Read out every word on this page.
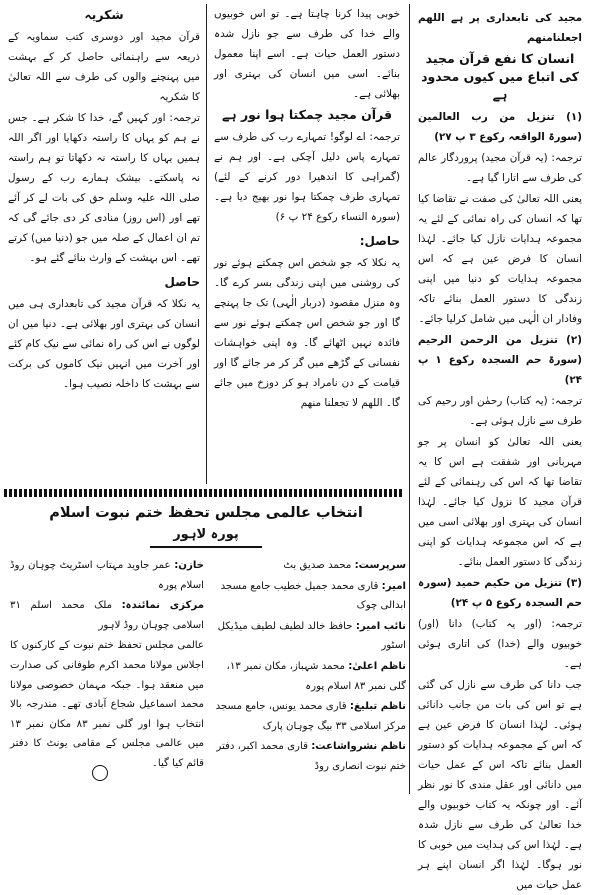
مجید کی تابعداری پر ہے اللهم اجعلنامنهم

انسان کا نفع قرآن مجید کی اتباع میں کیوں محدود ہے

(۱) تنزیل من رب العالمین (سورۃ الواقعہ رکوع ۳ پ ۲۷)

ترجمہ: (یہ قرآن مجید) پروردگار عالم کی طرف سے اتارا گیا ہے۔

یعنی اللہ تعالیٰ کی صفت نے تقاضا کیا تھا کہ انسان کی راہ نمائی کے لئے یہ مجموعہ ہدایات نازل کیا جائے۔ لہٰذا انسان کا فرض عین ہے کہ اس مجموعہ ہدایات کو دنیا میں اپنی زندگی کا دستور العمل بنائے تاکہ وفادار ان الٰہی میں شامل کرلیا جائے۔

(۲) تنزیل من الرحمن الرحیم (سورۃ حم السجدہ رکوع ۱ پ ۲۴)

ترجمہ: (یہ کتاب) رحمٰن اور رحیم کی طرف سے نازل ہوئی ہے۔

یعنی اللہ تعالیٰ کو انسان پر جو مہربانی اور شفقت ہے اس کا یہ تقاضا تھا کہ اس کی رہنمائی کے لئے قرآن مجید کا نزول کیا جائے۔ لہٰذا انسان کی بہتری اور بھلائی اسی میں ہے کہ اس مجموعہ ہدایات کو اپنی زندگی کا دستور العمل بنائے۔

(۳) تنزیل من حکیم حمید (سورہ حم السجدہ رکوع ۵ پ ۲۴)

ترجمہ: (اور یہ کتاب) دانا (اور) خوبیوں والے (خدا) کی اتاری ہوئی ہے۔

جب دانا کی طرف سے نازل کی گئی ہے تو اس کی بات من جانب دانائی ہوئی۔ لہٰذا انسان کا فرض عین ہے کہ اس کے مجموعہ ہدایات کو دستور العمل بنائے تاکہ اس کے عمل حیات میں دانائی اور عقل مندی کا نور نظر آئے۔ اور چونکہ یہ کتاب خوبیوں والے خدا تعالیٰ کی طرف سے نازل شدہ ہے۔ لہٰذا اس کی ہدایت میں خوبی کا نور ہوگا۔ لہٰذا اگر انسان اپنے ہر عمل حیات میں

خوبی پیدا کرنا چاہتا ہے۔ تو اس خوبیوں والے خدا کی طرف سے جو نازل شدہ دستور العمل حیات ہے۔ اسے اپنا معمول بنائے۔ اسی میں انسان کی بہتری اور بھلائی ہے۔

قرآن مجید چمکتا ہوا نور ہے

ترجمہ: اے لوگو! تمہارے رب کی طرف سے تمہارے پاس دلیل آچکی ہے۔ اور ہم نے (گمراہی کا اندھیرا دور کرنے کے لئے) تمہاری طرف چمکتا ہوا نور بھیج دیا ہے۔ (سورہ النساء رکوع ۲۴ پ ۶)

حاصل:

یہ نکلا کہ جو شخص اس چمکتے ہوئے نور کی روشنی میں اپنی زندگی بسر کرے گا۔ وہ منزل مقصود (دربار الٰہی) تک جا پہنچے گا اور جو شخص اس چمکتے ہوئے نور سے فائدہ نہیں اٹھائے گا۔ وہ اپنی خواہشات نفسانی کے گڑھے میں گر کر مر جائے گا اور قیامت کے دن نامراد ہو کر دوزخ میں جائے گا۔ اللهم لا تجعلنا منهم

شکریہ

قرآن مجید اور دوسری کتب سماویہ کے ذریعہ سے راہنمائی حاصل کر کے بہشت میں پہنچنے والوں کی طرف سے اللہ تعالیٰ کا شکریہ

ترجمہ: اور کہیں گے، خدا کا شکر ہے۔ جس نے ہم کو یہاں کا راستہ دکھایا اور اگر اللہ ہمیں یہاں کا راستہ نہ دکھاتا تو ہم راستہ نہ پاسکتے۔ بیشک ہمارے رب کے رسول صلی اللہ علیہ وسلم حق کی بات لے کر آئے تھے اور (اس روز) منادی کر دی جائے گی کہ تم ان اعمال کے صلہ میں جو (دنیا میں) کرتے تھے۔ اس بہشت کے وارث بنائے گئے ہو۔

حاصل

یہ نکلا کہ قرآن مجید کی تابعداری ہی میں انسان کی بہتری اور بھلائی ہے۔ دنیا میں ان لوگوں نے اس کی راہ نمائی سے نیک کام کئے اور آخرت میں انہیں نیک کاموں کی برکت سے بہشت کا داخلہ نصیب ہوا۔

انتخاب عالمی مجلس تحفظ ختم نبوت اسلام
پورہ لاہور
سرپرست: محمد صدیق بٹ
امیر: قاری محمد جمیل خطیب جامع مسجد ابدالی چوک
نائب امیر: حافظ خالد لطیف لطیف میڈیکل اسٹور
ناظم اعلیٰ: محمد شہباز، مکان نمبر ۱۳، گلی نمبر ۸۳ اسلام پورہ
ناظم تبلیغ: قاری محمد یونس، جامع مسجد مرکز اسلامی ۳۳ بیگ چوہان پارک
ناظم نشرواشاعت: قاری محمد اکبر، دفتر ختم نبوت انصاری روڈ
خازن: عمر جاوید مہتاب اسٹریٹ چوہان روڈ اسلام پورہ
مرکزی نمائندہ: ملک محمد اسلم ۳۱ اسلامی چوہان روڈ لاہور
عالمی مجلس تحفظ ختم نبوت کے کارکنوں کا اجلاس مولانا محمد اکرم طوفانی کی صدارت میں منعقد ہوا۔ جبکہ مہمان خصوصی مولانا محمد اسماعیل شجاع آبادی تھے۔ مندرجہ بالا انتخاب ہوا اور گلی نمبر ۸۳ مکان نمبر ۱۳ میں عالمی مجلس کے مقامی یونٹ کا دفتر قائم کیا گیا۔
